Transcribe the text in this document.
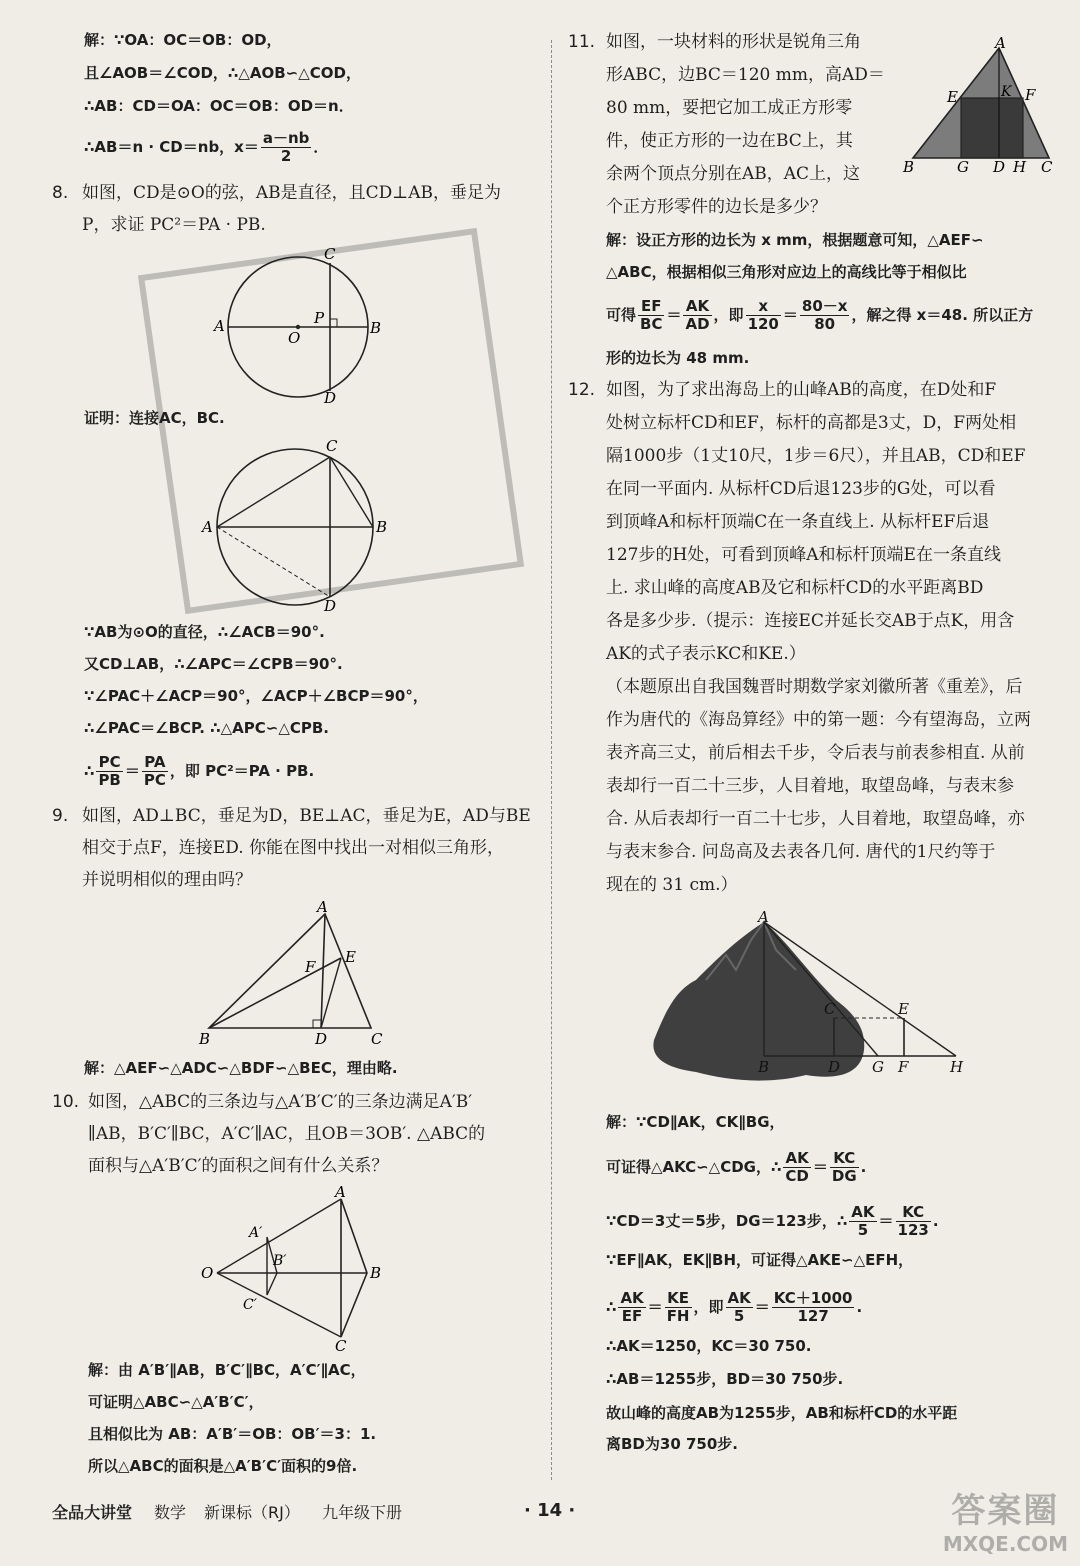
解：∵OA：OC＝OB：OD，
且∠AOB＝∠COD，∴△AOB∽△COD，
∴AB：CD＝OA：OC＝OB：OD＝n．
∴AB＝n · CD＝nb，$x= \frac{a-nb}{2}$ ．
8. 如图，CD是⊙O的弦，AB是直径，且CD⊥AB，垂足为
P，求证 PC²＝PA · PB.
C
A
O
P
B
D
证明：连接AC，BC.
C
A	B
D
∵AB为⊙O的直径，∴∠ACB＝90°.
又CD⊥AB，∴∠APC＝∠CPB＝90°.
∵∠PAC＋∠ACP＝90°，∠ACP＋∠BCP＝90°，
∴∠PAC＝∠BCP. ∴△APC∽△CPB.
∴ $\frac{PC}{PB} = \frac{PA}{PC}$ ，即 PC²＝PA · PB.
9. 如图，AD⊥BC，垂足为D，BE⊥AC，垂足为E，AD与BE
相交于点F，连接ED. 你能在图中找出一对相似三角形，
并说明相似的理由吗？
A
F
E
B	D	C
解：△AEF∽△ADC∽△BDF∽△BEC，理由略.
10. 如图，△ABC的三条边与△A′B′C′的三条边满足A′B′
∥AB，B′C′∥BC，A′C′∥AC，且OB＝3OB′. △ABC的
面积与△A′B′C′的面积之间有什么关系？
A
A′
B′
O	B
C′
C
解：由 A′B′∥AB，B′C′∥BC，A′C′∥AC，
可证明△ABC∽△A′B′C′，
且相似比为 AB：A′B′＝OB：OB′＝3：1.
所以△ABC的面积是△A′B′C′面积的9倍.
11. 如图，一块材料的形状是锐角三角
形ABC，边BC＝120 mm，高AD＝
80 mm，要把它加工成正方形零
件，使正方形的一边在BC上，其
余两个顶点分别在AB，AC上，这
个正方形零件的边长是多少？
A
E	K F
B	G D H C
解：设正方形的边长为 x mm，根据题意可知，△AEF∽
△ABC，根据相似三角形对应边上的高线比等于相似比
可得 $\frac{EF}{BC} = \frac{AK}{AD}$ ，即 $\frac{x}{120} = \frac{80-x}{80}$ ，解之得 x＝48. 所以正方
形的边长为 48 mm.
12. 如图，为了求出海岛上的山峰AB的高度，在D处和F
处树立标杆CD和EF，标杆的高都是3丈，D，F两处相
隔1000步（1丈10尺，1步＝6尺），并且AB，CD和EF
在同一平面内. 从标杆CD后退123步的G处，可以看
到顶峰A和标杆顶端C在一条直线上. 从标杆EF后退
127步的H处，可看到顶峰A和标杆顶端E在一条直线
上. 求山峰的高度AB及它和标杆CD的水平距离BD
各是多少步.（提示：连接EC并延长交AB于点K，用含
AK的式子表示KC和KE.）
（本题原出自我国魏晋时期数学家刘徽所著《重差》，后
作为唐代的《海岛算经》中的第一题：今有望海岛，立两
表齐高三丈，前后相去千步，令后表与前表参相直. 从前
表却行一百二十三步，人目着地，取望岛峰，与表末参
合. 从后表却行一百二十七步，人目着地，取望岛峰，亦
与表末参合. 问岛高及去表各几何. 唐代的1尺约等于
现在的 31 cm.）
A
C	E
B	D G F	H
解：∵CD∥AK，CK∥BG，
可证得△AKC∽△CDG，∴ $\frac{AK}{CD} = \frac{KC}{DG}$ .
∵CD＝3丈＝5步，DG＝123步，∴ $\frac{AK}{5} = \frac{KC}{123}$ .
∵EF∥AK，EK∥BH，可证得△AKE∽△EFH，
∴ $\frac{AK}{EF} = \frac{KE}{FH}$ ，即 $\frac{AK}{5} = \frac{KC+1000}{127}$ .
∴AK＝1250，KC＝30 750.
∴AB＝1255步，BD＝30 750步.
故山峰的高度AB为1255步，AB和标杆CD的水平距
离BD为30 750步.
全品大讲堂 数学 新课标（RJ） 九年级下册	· 14 ·	答案圈
MXQE.COM
